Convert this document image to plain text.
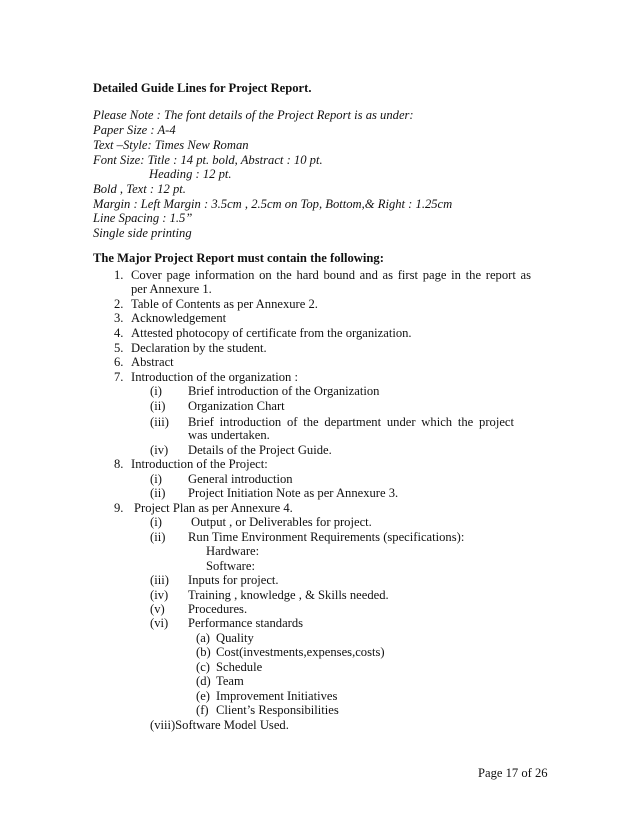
Detailed Guide Lines for Project Report.
Please Note : The font details of the Project Report is as under:
Paper Size : A-4
Text –Style: Times New Roman
Font Size: Title : 14 pt. bold, Abstract : 10 pt.
Heading : 12 pt.
Bold , Text : 12 pt.
Margin : Left Margin : 3.5cm , 2.5cm on Top, Bottom,& Right : 1.25cm
Line Spacing : 1.5”
Single side printing
The Major Project Report must contain the following:
1. Cover page information on the hard bound and as first page in the report as
per Annexure 1.
2. Table of Contents as per Annexure 2.
3. Acknowledgement
4. Attested photocopy of certificate from the organization.
5. Declaration by the student.
6. Abstract
7. Introduction of the organization :
(i) Brief introduction of the Organization
(ii) Organization Chart
(iii) Brief introduction of the department under which the project
was undertaken.
(iv) Details of the Project Guide.
8. Introduction of the Project:
(i) General introduction
(ii) Project Initiation Note as per Annexure 3.
9. Project Plan as per Annexure 4.
(i) Output , or Deliverables for project.
(ii) Run Time Environment Requirements (specifications):
Hardware:
Software:
(iii) Inputs for project.
(iv) Training , knowledge , & Skills needed.
(v) Procedures.
(vi) Performance standards
(a) Quality
(b) Cost(investments,expenses,costs)
(c) Schedule
(d) Team
(e) Improvement Initiatives
(f) Client’s Responsibilities
(viii)Software Model Used.
Page 17 of 26
